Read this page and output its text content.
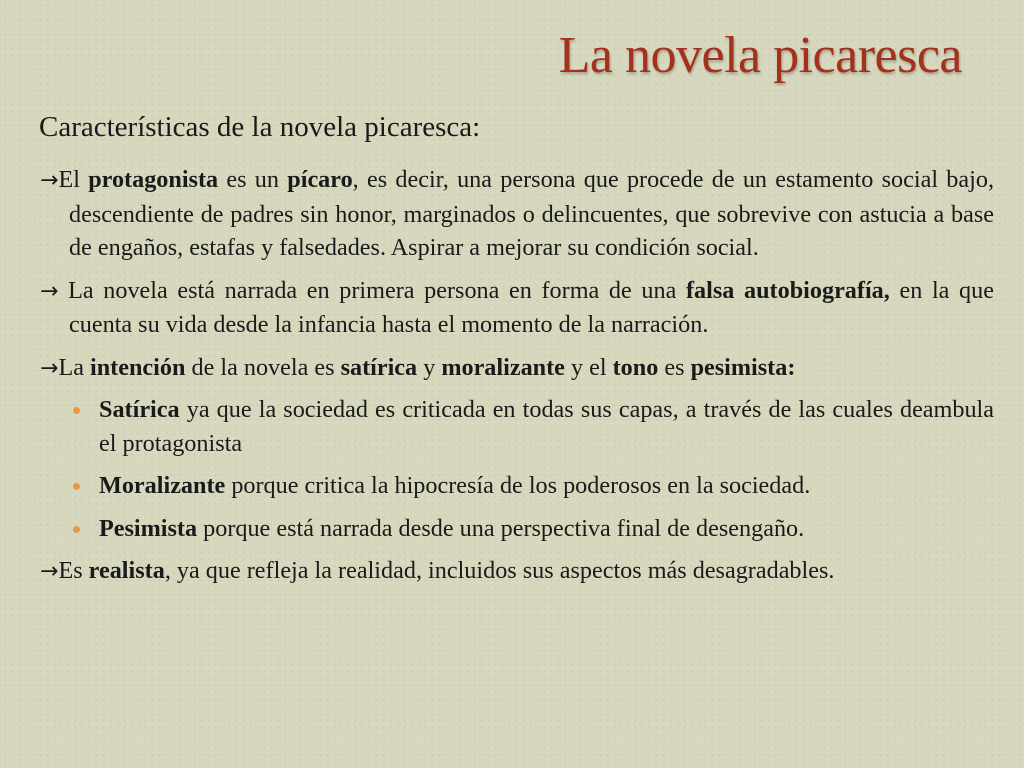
La novela picaresca
Características de la novela picaresca:

→El protagonista es un pícaro, es decir, una persona que procede de un estamento social bajo, descendiente de padres sin honor, marginados o delincuentes, que sobrevive con astucia a base de engaños, estafas y falsedades. Aspirar a mejorar su condición social.

→ La novela está narrada en primera persona en forma de una falsa autobiografía, en la que cuenta su vida desde la infancia hasta el momento de la narración.

→La intención de la novela es satírica y moralizante y el tono es pesimista:

Satírica ya que la sociedad es criticada en todas sus capas, a través de las cuales deambula el protagonista
Moralizante porque critica la hipocresía de los poderosos en la sociedad.
Pesimista porque está narrada desde una perspectiva final de desengaño.

→Es realista, ya que refleja la realidad, incluidos sus aspectos más desagradables.
